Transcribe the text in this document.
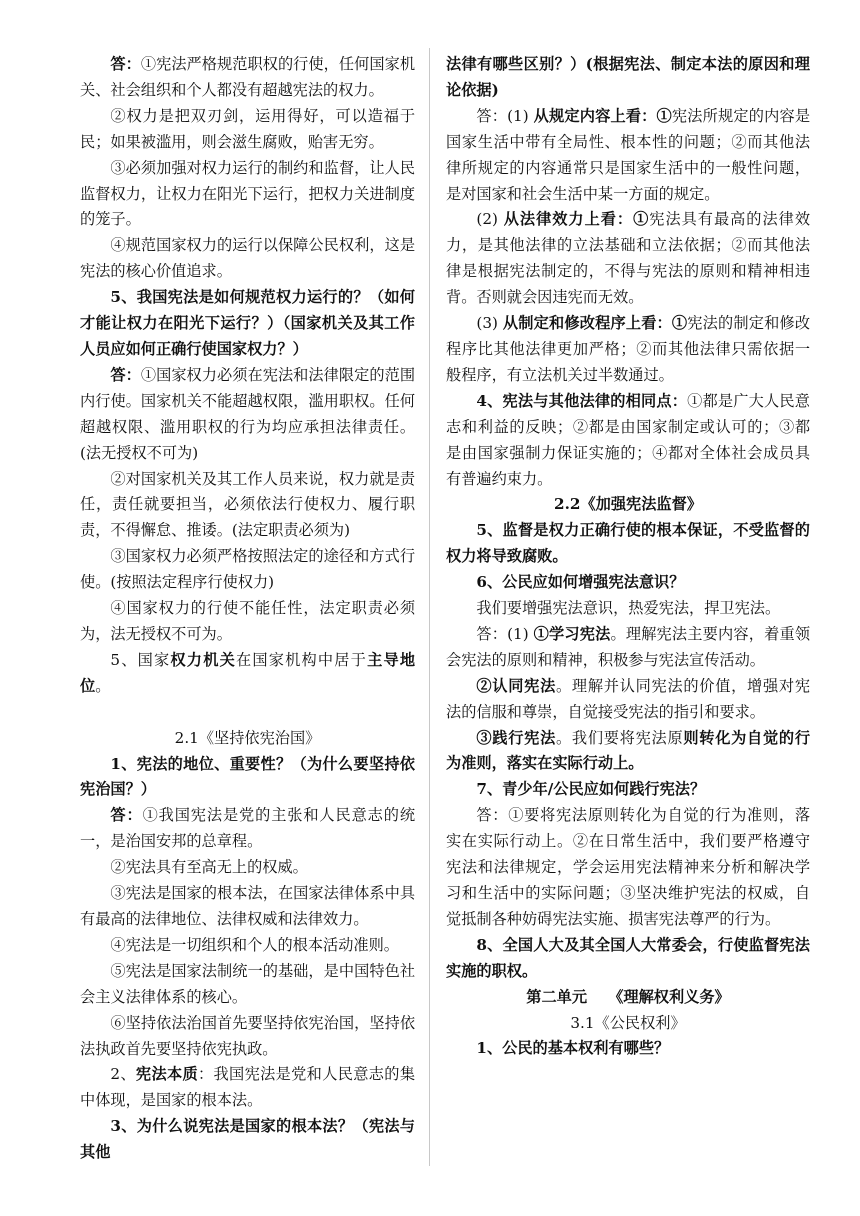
答：①宪法严格规范职权的行使，任何国家机关、社会组织和个人都没有超越宪法的权力。

②权力是把双刃剑，运用得好，可以造福于民；如果被滥用，则会滋生腐败，贻害无穷。

③必须加强对权力运行的制约和监督，让人民监督权力，让权力在阳光下运行，把权力关进制度的笼子。

④规范国家权力的运行以保障公民权利，这是宪法的核心价值追求。

5、我国宪法是如何规范权力运行的？（如何才能让权力在阳光下运行？）（国家机关及其工作人员应如何正确行使国家权力？）

答：①国家权力必须在宪法和法律限定的范围内行使。国家机关不能超越权限，滥用职权。任何超越权限、滥用职权的行为均应承担法律责任。(法无授权不可为)

②对国家机关及其工作人员来说，权力就是责任，责任就要担当，必须依法行使权力、履行职责，不得懈怠、推诿。(法定职责必须为)

③国家权力必须严格按照法定的途径和方式行使。(按照法定程序行使权力)

④国家权力的行使不能任性，法定职责必须为，法无授权不可为。

5、国家权力机关在国家机构中居于主导地位。

2.1《坚持依宪治国》

1、宪法的地位、重要性？（为什么要坚持依宪治国？）

答：①我国宪法是党的主张和人民意志的统一，是治国安邦的总章程。

②宪法具有至高无上的权威。

③宪法是国家的根本法，在国家法律体系中具有最高的法律地位、法律权威和法律效力。

④宪法是一切组织和个人的根本活动准则。

⑤宪法是国家法制统一的基础，是中国特色社会主义法律体系的核心。

⑥坚持依法治国首先要坚持依宪治国，坚持依法执政首先要坚持依宪执政。

2、宪法本质：我国宪法是党和人民意志的集中体现，是国家的根本法。

3、为什么说宪法是国家的根本法？（宪法与其他

法律有哪些区别？）(根据宪法、制定本法的原因和理论依据)

答：(1) 从规定内容上看：①宪法所规定的内容是国家生活中带有全局性、根本性的问题；②而其他法律所规定的内容通常只是国家生活中的一般性问题，是对国家和社会生活中某一方面的规定。

(2) 从法律效力上看：①宪法具有最高的法律效力，是其他法律的立法基础和立法依据；②而其他法律是根据宪法制定的，不得与宪法的原则和精神相违背。否则就会因违宪而无效。

(3) 从制定和修改程序上看：①宪法的制定和修改程序比其他法律更加严格；②而其他法律只需依据一般程序，有立法机关过半数通过。

4、宪法与其他法律的相同点：①都是广大人民意志和利益的反映；②都是由国家制定或认可的；③都是由国家强制力保证实施的；④都对全体社会成员具有普遍约束力。

2.2《加强宪法监督》

5、监督是权力正确行使的根本保证，不受监督的权力将导致腐败。

6、公民应如何增强宪法意识？

我们要增强宪法意识，热爱宪法，捍卫宪法。

答：(1) ①学习宪法。理解宪法主要内容，着重领会宪法的原则和精神，积极参与宪法宣传活动。

②认同宪法。理解并认同宪法的价值，增强对宪法的信服和尊崇，自觉接受宪法的指引和要求。

③践行宪法。我们要将宪法原则转化为自觉的行为准则，落实在实际行动上。

7、青少年/公民应如何践行宪法？

答：①要将宪法原则转化为自觉的行为准则，落实在实际行动上。②在日常生活中，我们要严格遵守宪法和法律规定，学会运用宪法精神来分析和解决学习和生活中的实际问题；③坚决维护宪法的权威，自觉抵制各种妨碍宪法实施、损害宪法尊严的行为。

8、全国人大及其全国人大常委会，行使监督宪法实施的职权。

第二单元    《理解权利义务》

3.1《公民权利》

1、公民的基本权利有哪些？
